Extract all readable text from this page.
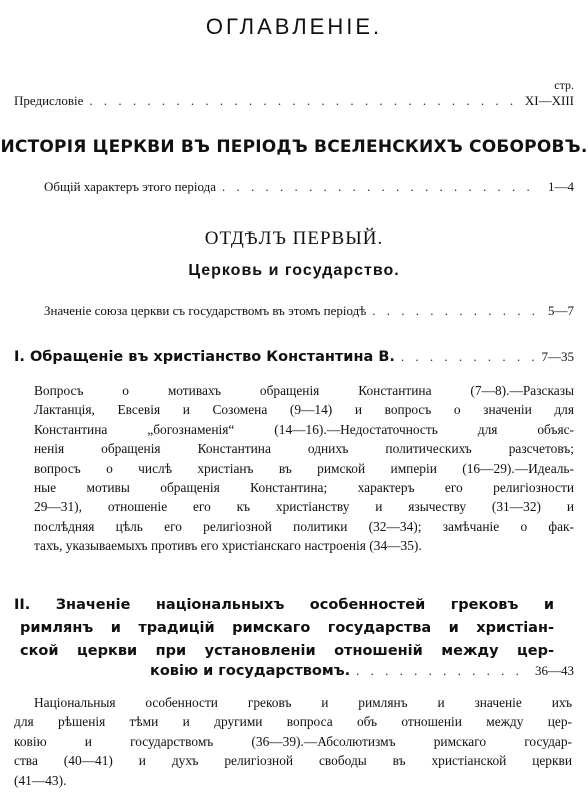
ОГЛАВЛЕНІЕ.
стр.
Предисловіе . . .	XI—XIII
ИСТОРІЯ ЦЕРКВИ ВЪ ПЕРІОДЪ ВСЕЛЕНСКИХЪ СОБОРОВЪ.
Общій характеръ этого періода . . .	1—4
ОТДѢЛЪ ПЕРВЫЙ.
Церковь и государство.
Значеніе союза церкви съ государствомъ въ этомъ періодѣ . . .	5—7
I. Обращеніе въ христіанство Константина В. . . .	7—35
Вопросъ о мотивахъ обращенія Константина (7—8).—Разсказы
Лактанція, Евсевія и Созомена (9—14) и вопросъ о значеніи для
Константина „богознаменія“ (14—16).—Недостаточность для объяс-
ненія обращенія Константина однихъ политическихъ разсчетовъ;
вопросъ о числѣ христіанъ въ римской имперіи (16—29).—Идеаль-
ные мотивы обращенія Константина; характеръ его религіозности
29—31), отношеніе его къ христіанству и язычеству (31—32) и
послѣдняя цѣль его религіозной политики (32—34); замѣчаніе о фак-
тахъ, указываемыхъ противъ его христіанскаго настроенія (34—35).
II. Значеніе національныхъ особенностей грековъ и
римлянъ и традицій римскаго государства и христіан-
ской церкви при установленіи отношеній между цер-
ковію и государствомъ. . . .	36—43
Національныя особенности грековъ и римлянъ и значеніе ихъ
для рѣшенія тѣми и другими вопроса объ отношеніи между цер-
ковію и государствомъ (36—39).—Абсолютизмъ римскаго государ-
ства (40—41) и духъ религіозной свободы въ христіанской церкви
(41—43).
